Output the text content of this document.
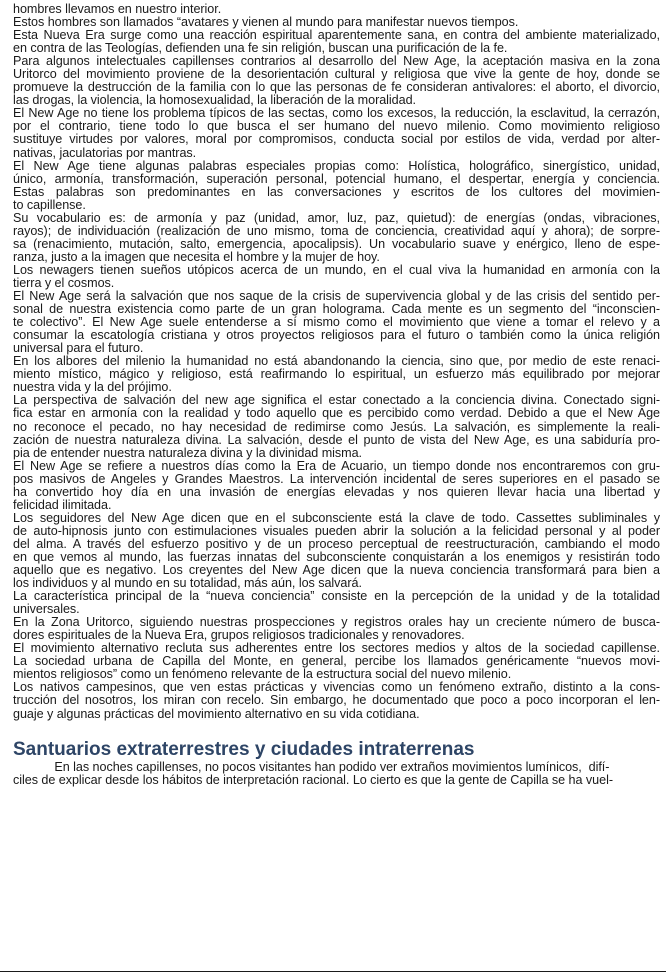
hombres llevamos en nuestro interior.
Estos hombres son llamados “avatares y vienen al mundo para manifestar nuevos tiempos.
Esta Nueva Era surge como una reacción espiritual aparentemente sana, en contra del ambiente materializado,
en contra de las Teologías, defienden una fe sin religión, buscan una purificación de la fe.
Para algunos intelectuales capillenses contrarios al desarrollo del New Age, la aceptación masiva en la zona
Uritorco del movimiento proviene de la desorientación cultural y religiosa que vive la gente de hoy, donde se
promueve la destrucción de la familia con lo que las personas de fe consideran antivalores: el aborto, el divorcio,
las drogas, la violencia, la homosexualidad, la liberación de la moralidad.
El New Age no tiene los problema típicos de las sectas, como los excesos, la reducción, la esclavitud, la cerrazón,
por el contrario, tiene todo lo que busca el ser humano del nuevo milenio. Como movimiento religioso
sustituye virtudes por valores, moral por compromisos, conducta social por estilos de vida, verdad por alter-
nativas, jaculatorias por mantras.
El New Age tiene algunas palabras especiales propias como: Holística, holográfico, sinergístico, unidad,
único, armonía, transformación, superación personal, potencial humano, el despertar, energía y conciencia.
Estas palabras son predominantes en las conversaciones y escritos de los cultores del movimien-
to capillense.
Su vocabulario es: de armonía y paz (unidad, amor, luz, paz, quietud): de energías (ondas, vibraciones,
rayos); de individuación (realización de uno mismo, toma de conciencia, creatividad aquí y ahora); de sorpre-
sa (renacimiento, mutación, salto, emergencia, apocalipsis). Un vocabulario suave y enérgico, lleno de espe-
ranza, justo a la imagen que necesita el hombre y la mujer de hoy.
Los newagers tienen sueños utópicos acerca de un mundo, en el cual viva la humanidad en armonía con la
tierra y el cosmos.
El New Age será la salvación que nos saque de la crisis de supervivencia global y de las crisis del sentido per-
sonal de nuestra existencia como parte de un gran holograma. Cada mente es un segmento del “inconscien-
te colectivo”. El New Age suele entenderse a sí mismo como el movimiento que viene a tomar el relevo y a
consumar la escatología cristiana y otros proyectos religiosos para el futuro o también como la única religión
universal para el futuro.
En los albores del milenio la humanidad no está abandonando la ciencia, sino que, por medio de este renaci-
miento místico, mágico y religioso, está reafirmando lo espiritual, un esfuerzo más equilibrado por mejorar
nuestra vida y la del prójimo.
La perspectiva de salvación del new age significa el estar conectado a la conciencia divina. Conectado signi-
fica estar en armonía con la realidad y todo aquello que es percibido como verdad. Debido a que el New Age
no reconoce el pecado, no hay necesidad de redimirse como Jesús. La salvación, es simplemente la reali-
zación de nuestra naturaleza divina. La salvación, desde el punto de vista del New Age, es una sabiduría pro-
pia de entender nuestra naturaleza divina y la divinidad misma.
El New Age se refiere a nuestros días como la Era de Acuario, un tiempo donde nos encontraremos con gru-
pos masivos de Angeles y Grandes Maestros. La intervención incidental de seres superiores en el pasado se
ha convertido hoy día en una invasión de energías elevadas y nos quieren llevar hacia una libertad y
felicidad ilimitada.
Los seguidores del New Age dicen que en el subconsciente está la clave de todo. Cassettes subliminales y
de auto-hipnosis junto con estimulaciones visuales pueden abrir la solución a la felicidad personal y al poder
del alma. A través del esfuerzo positivo y de un proceso perceptual de reestructuración, cambiando el modo
en que vemos al mundo, las fuerzas innatas del subconsciente conquistarán a los enemigos y resistirán todo
aquello que es negativo. Los creyentes del New Age dicen que la nueva conciencia transformará para bien a
los individuos y al mundo en su totalidad, más aún, los salvará.
La característica principal de la “nueva conciencia” consiste en la percepción de la unidad y de la totalidad
universales.
En la Zona Uritorco, siguiendo nuestras prospecciones y registros orales hay un creciente número de busca-
dores espirituales de la Nueva Era, grupos religiosos tradicionales y renovadores.
El movimiento alternativo recluta sus adherentes entre los sectores medios y altos de la sociedad capillense.
La sociedad urbana de Capilla del Monte, en general, percibe los llamados genéricamente “nuevos movi-
mientos religiosos” como un fenómeno relevante de la estructura social del nuevo milenio.
Los nativos campesinos, que ven estas prácticas y vivencias como un fenómeno extraño, distinto a la cons-
trucción del nosotros, los miran con recelo. Sin embargo, he documentado que poco a poco incorporan el len-
guaje y algunas prácticas del movimiento alternativo en su vida cotidiana.
Santuarios extraterrestres y ciudades intraterrenas
En las noches capillenses, no pocos visitantes han podido ver extraños movimientos lumínicos,  difí-
ciles de explicar desde los hábitos de interpretación racional. Lo cierto es que la gente de Capilla se ha vuel-
